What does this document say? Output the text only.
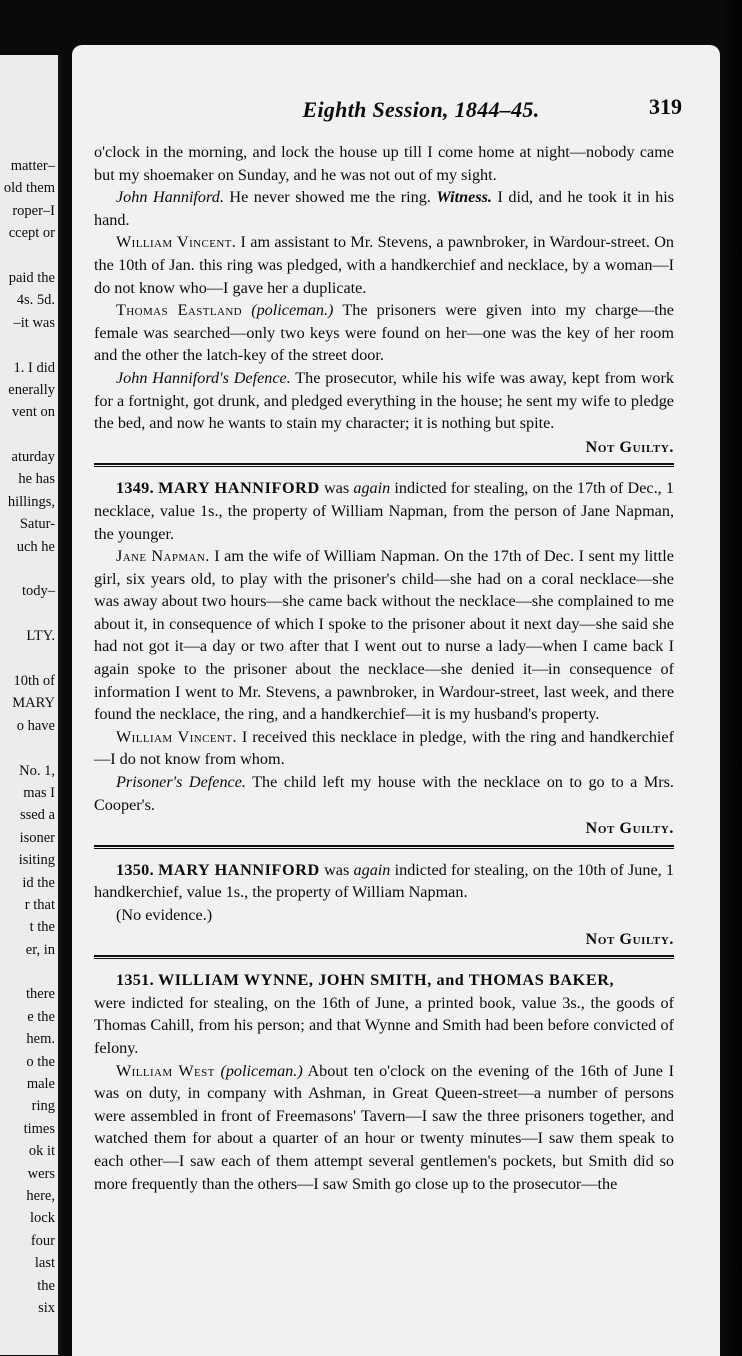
matter–
old them
roper–I
ccept or
paid the
4s. 5d.
–it was
1. I did
enerally
vent on
aturday
he has
hillings,
Satur-
uch he
tody–
LTY.
10th of
MARY
o have
No. 1,
mas I
ssed a
isoner
isiting
id the
r that
t the
er, in
there
e the
hem.
o the
male
ring
times
ok it
wers
here,
lock
four
last
the
six
Eighth Session, 1844–45.	319

o'clock in the morning, and lock the house up till I come home at night—nobody came but my shoemaker on Sunday, and he was not out of my sight.

John Hanniford. He never showed me the ring. Witness. I did, and he took it in his hand.

William Vincent. I am assistant to Mr. Stevens, a pawnbroker, in Wardour-street. On the 10th of Jan. this ring was pledged, with a handkerchief and necklace, by a woman—I do not know who—I gave her a duplicate.

Thomas Eastland (policeman.) The prisoners were given into my charge—the female was searched—only two keys were found on her—one was the key of her room and the other the latch-key of the street door.

John Hanniford's Defence. The prosecutor, while his wife was away, kept from work for a fortnight, got drunk, and pledged everything in the house; he sent my wife to pledge the bed, and now he wants to stain my character; it is nothing but spite.

Not Guilty.

1349. MARY HANNIFORD was again indicted for stealing, on the 17th of Dec., 1 necklace, value 1s., the property of William Napman, from the person of Jane Napman, the younger.

Jane Napman. I am the wife of William Napman. On the 17th of Dec. I sent my little girl, six years old, to play with the prisoner's child—she had on a coral necklace—she was away about two hours—she came back without the necklace—she complained to me about it, in consequence of which I spoke to the prisoner about it next day—she said she had not got it—a day or two after that I went out to nurse a lady—when I came back I again spoke to the prisoner about the necklace—she denied it—in consequence of information I went to Mr. Stevens, a pawnbroker, in Wardour-street, last week, and there found the necklace, the ring, and a handkerchief—it is my husband's property.

William Vincent. I received this necklace in pledge, with the ring and handkerchief—I do not know from whom.

Prisoner's Defence. The child left my house with the necklace on to go to a Mrs. Cooper's.

Not Guilty.

1350. MARY HANNIFORD was again indicted for stealing, on the 10th of June, 1 handkerchief, value 1s., the property of William Napman.

(No evidence.)

Not Guilty.

1351. WILLIAM WYNNE, JOHN SMITH, and THOMAS BAKER,

were indicted for stealing, on the 16th of June, a printed book, value 3s., the goods of Thomas Cahill, from his person; and that Wynne and Smith had been before convicted of felony.

William West (policeman.) About ten o'clock on the evening of the 16th of June I was on duty, in company with Ashman, in Great Queen-street—a number of persons were assembled in front of Freemasons' Tavern—I saw the three prisoners together, and watched them for about a quarter of an hour or twenty minutes—I saw them speak to each other—I saw each of them attempt several gentlemen's pockets, but Smith did so more frequently than the others—I saw Smith go close up to the prosecutor—the
